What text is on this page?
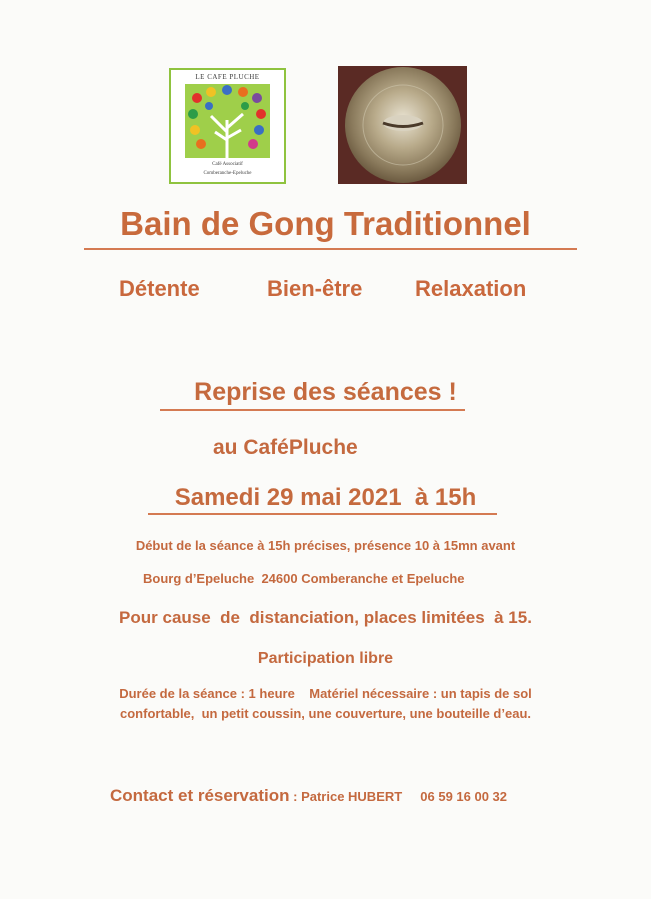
LE CAFE PLUCHE
Café Associatif
Comberanche-Epeluche
Bain de Gong Traditionnel
Détente	Bien-être Relaxation
Reprise des séances !
au CaféPluche
Samedi 29 mai 2021  à 15h
Début de la séance à 15h précises, présence 10 à 15mn avant
Bourg d’Epeluche  24600 Comberanche et Epeluche
Pour cause  de  distanciation, places limitées  à 15.
Participation libre
Durée de la séance : 1 heure    Matériel nécessaire : un tapis de sol
confortable,  un petit coussin, une couverture, une bouteille d’eau.
Contact et réservation : Patrice HUBERT 06 59 16 00 32
